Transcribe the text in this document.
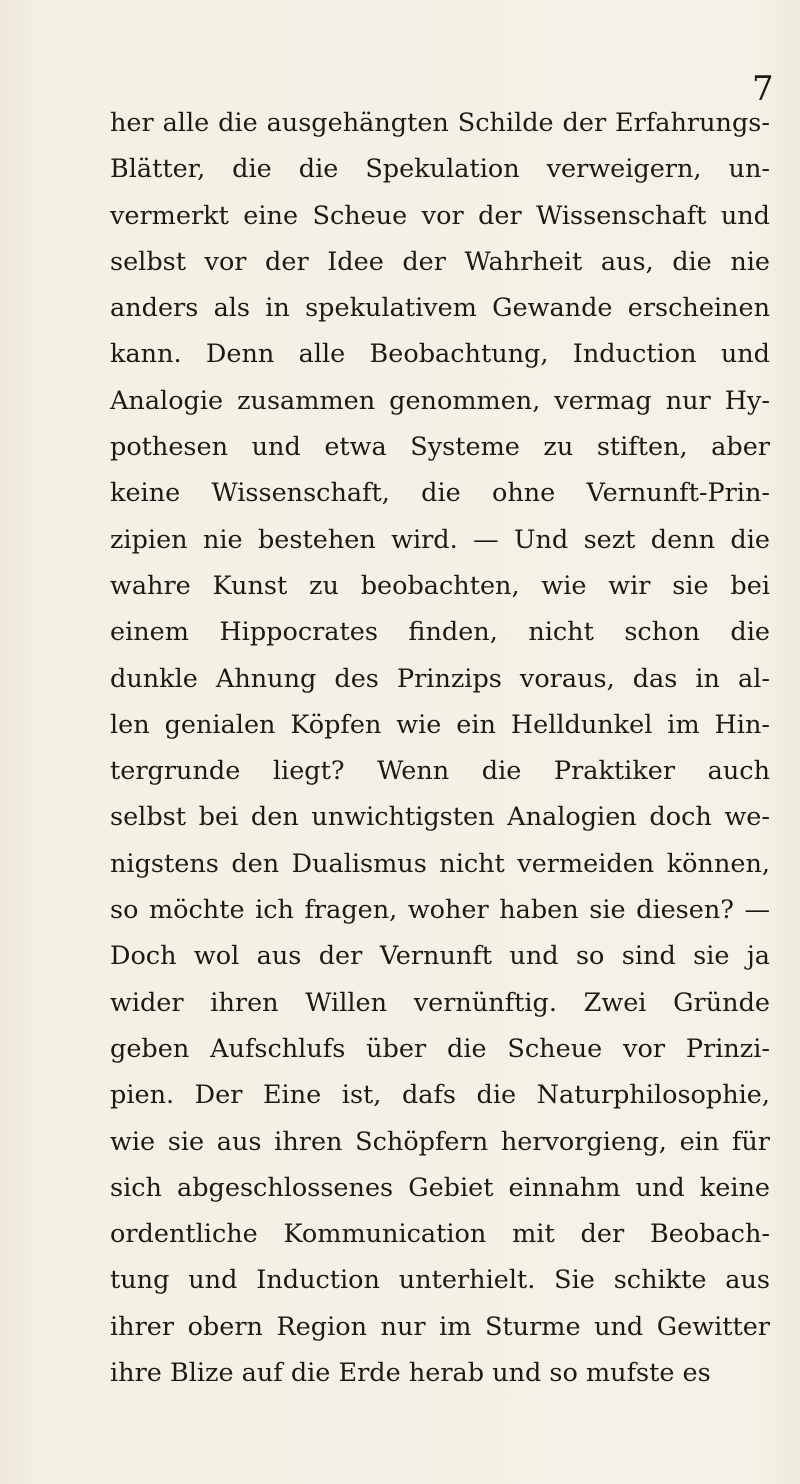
7
her alle die ausgehängten Schilde der Erfahrungs-
Blätter, die die Spekulation verweigern, un-
vermerkt eine Scheue vor der Wissenschaft und
selbst vor der Idee der Wahrheit aus, die nie
anders als in spekulativem Gewande erscheinen
kann. Denn alle Beobachtung, Induction und
Analogie zusammen genommen, vermag nur Hy-
pothesen und etwa Systeme zu stiften, aber
keine Wissenschaft, die ohne Vernunft-Prin-
zipien nie bestehen wird. — Und sezt denn die
wahre Kunst zu beobachten, wie wir sie bei
einem Hippocrates finden, nicht schon die
dunkle Ahnung des Prinzips voraus, das in al-
len genialen Köpfen wie ein Helldunkel im Hin-
tergrunde liegt? Wenn die Praktiker auch
selbst bei den unwichtigsten Analogien doch we-
nigstens den Dualismus nicht vermeiden können,
so möchte ich fragen, woher haben sie diesen? —
Doch wol aus der Vernunft und so sind sie ja
wider ihren Willen vernünftig. Zwei Gründe
geben Aufschlufs über die Scheue vor Prinzi-
pien. Der Eine ist, dafs die Naturphilosophie,
wie sie aus ihren Schöpfern hervorgieng, ein für
sich abgeschlossenes Gebiet einnahm und keine
ordentliche Kommunication mit der Beobach-
tung und Induction unterhielt. Sie schikte aus
ihrer obern Region nur im Sturme und Gewitter
ihre Blize auf die Erde herab und so mufste es
